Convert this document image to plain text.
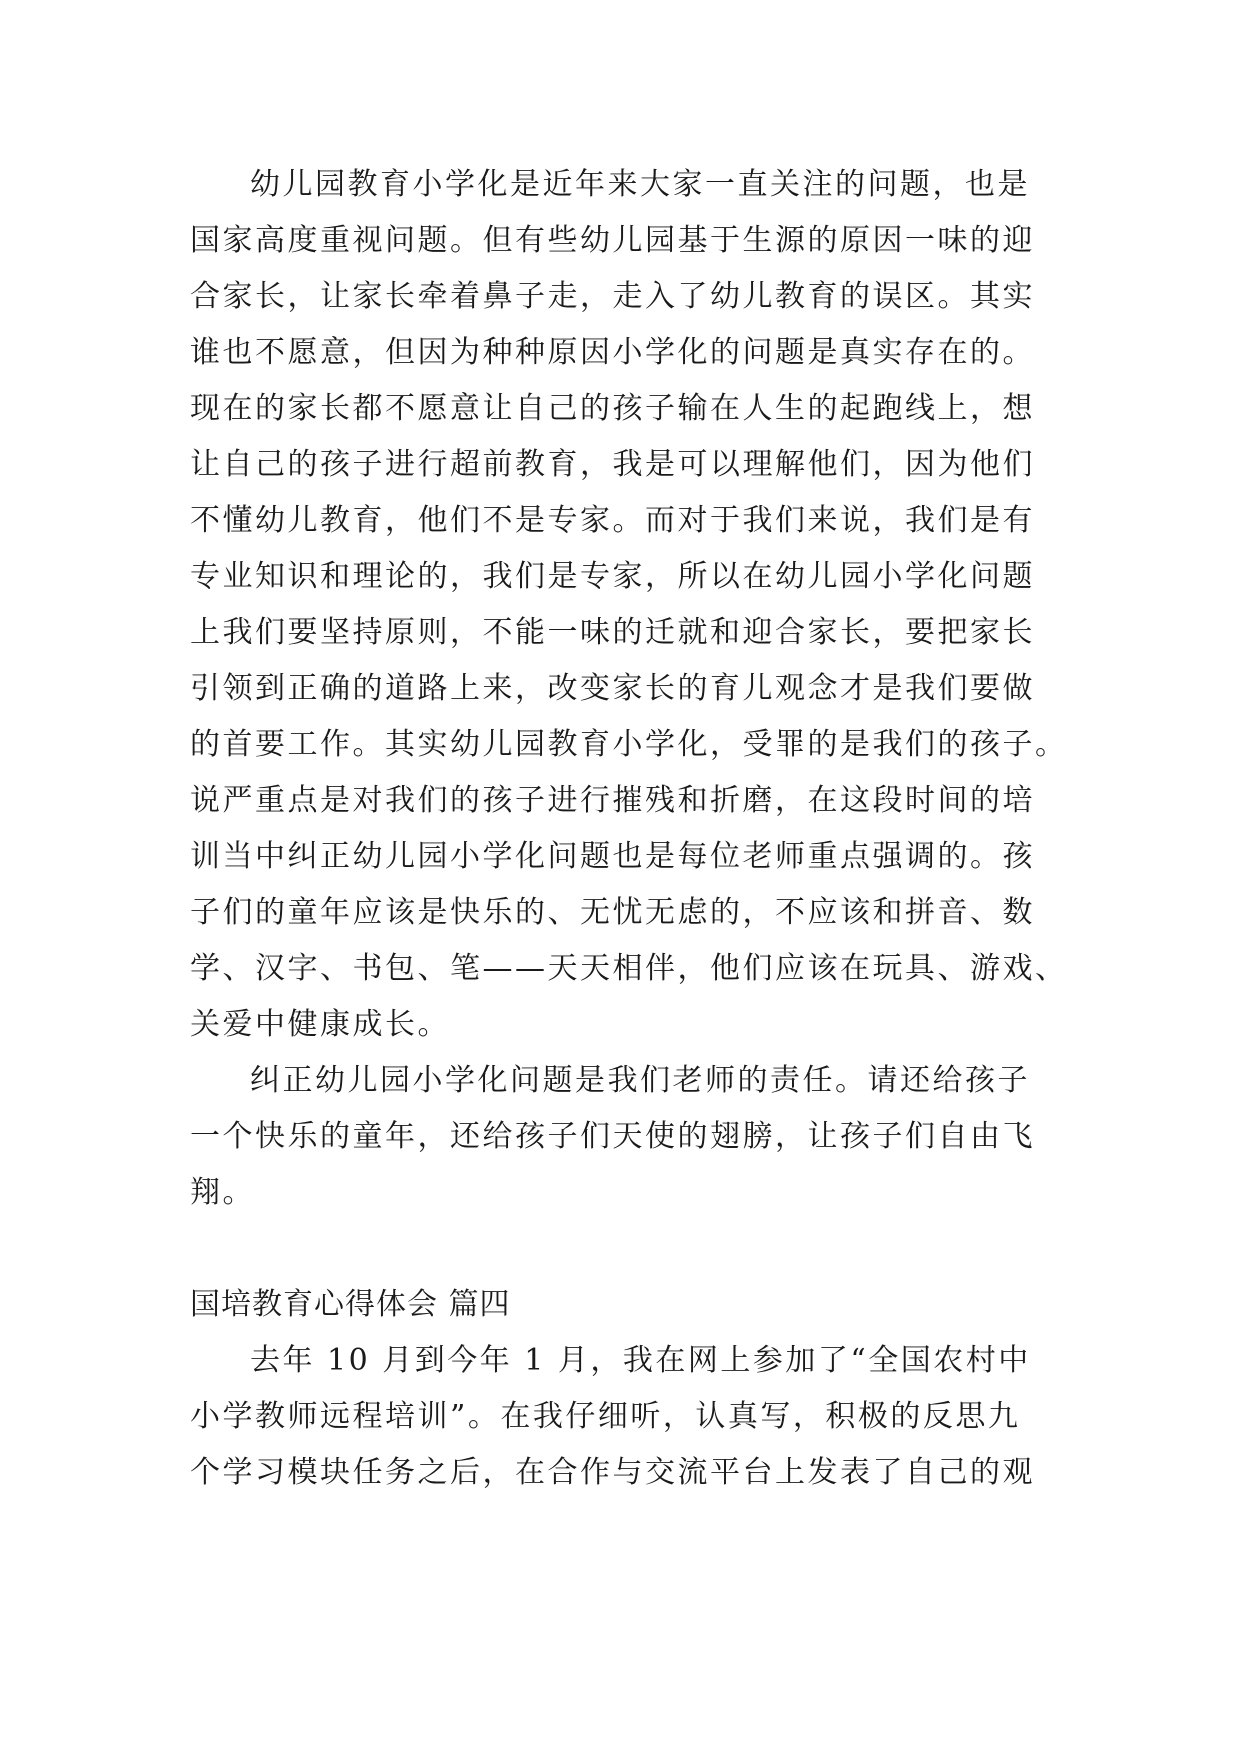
幼儿园教育小学化是近年来大家一直关注的问题，也是
国家高度重视问题。但有些幼儿园基于生源的原因一味的迎
合家长，让家长牵着鼻子走，走入了幼儿教育的误区。其实
谁也不愿意，但因为种种原因小学化的问题是真实存在的。
现在的家长都不愿意让自己的孩子输在人生的起跑线上，想
让自己的孩子进行超前教育，我是可以理解他们，因为他们
不懂幼儿教育，他们不是专家。而对于我们来说，我们是有
专业知识和理论的，我们是专家，所以在幼儿园小学化问题
上我们要坚持原则，不能一味的迁就和迎合家长，要把家长
引领到正确的道路上来，改变家长的育儿观念才是我们要做
的首要工作。其实幼儿园教育小学化，受罪的是我们的孩子。
说严重点是对我们的孩子进行摧残和折磨，在这段时间的培
训当中纠正幼儿园小学化问题也是每位老师重点强调的。孩
子们的童年应该是快乐的、无忧无虑的，不应该和拼音、数
学、汉字、书包、笔——天天相伴，他们应该在玩具、游戏、
关爱中健康成长。
纠正幼儿园小学化问题是我们老师的责任。请还给孩子
一个快乐的童年，还给孩子们天使的翅膀，让孩子们自由飞
翔。
国培教育心得体会 篇四
去年 10 月到今年 1 月，我在网上参加了“全国农村中
小学教师远程培训”。在我仔细听，认真写，积极的反思九
个学习模块任务之后，在合作与交流平台上发表了自己的观
